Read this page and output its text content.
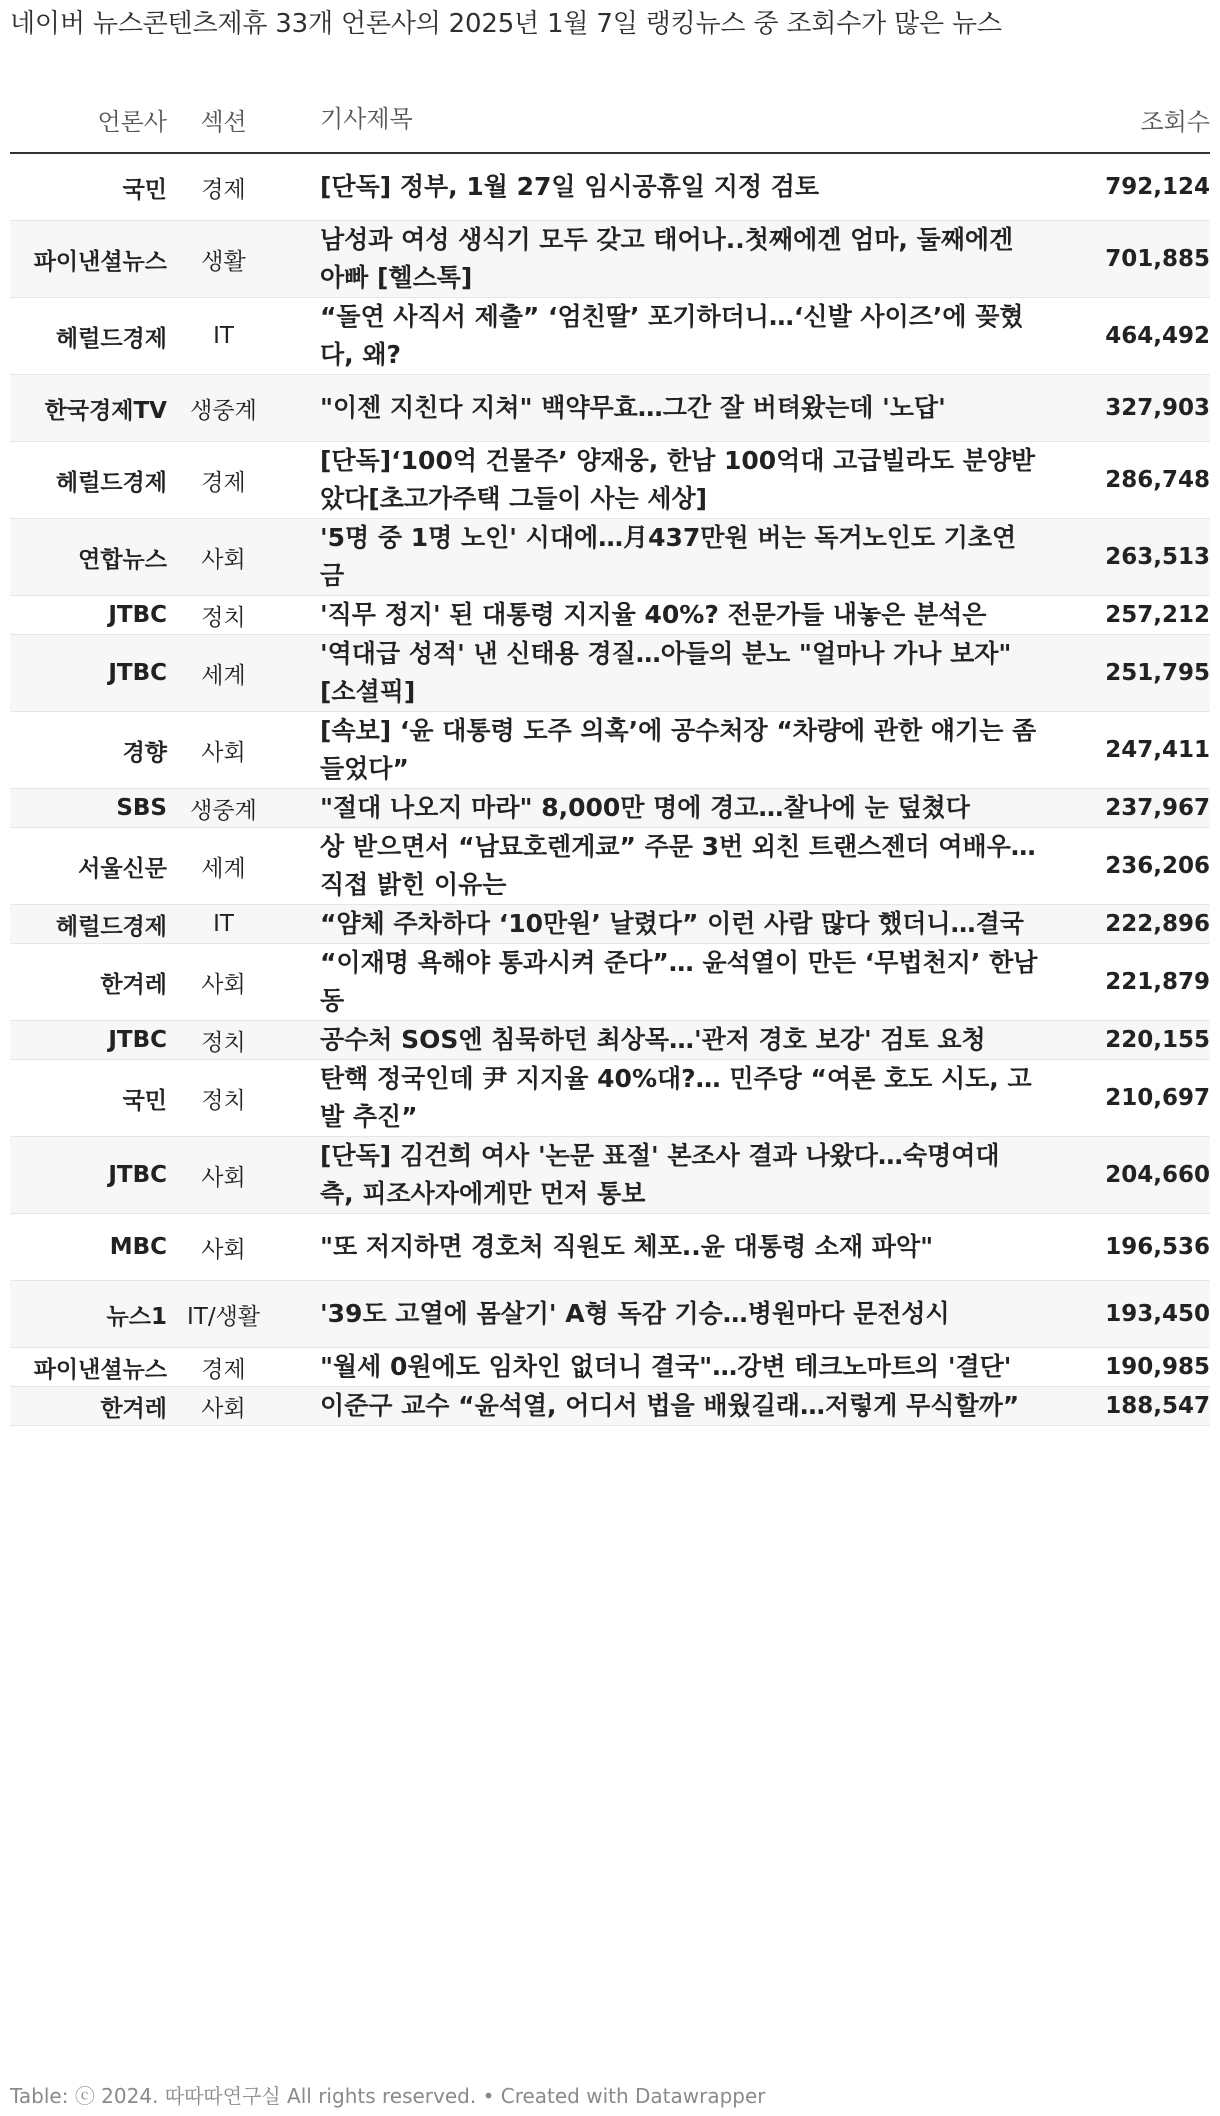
네이버 뉴스콘텐츠제휴 33개 언론사의 2025년 1월 7일 랭킹뉴스 중 조회수가 많은 뉴스
언론사	섹션		기사제목	조회수
국민	경제		[단독] 정부, 1월 27일 임시공휴일 지정 검토	792,124
파이낸셜뉴스	생활		남성과 여성 생식기 모두 갖고 태어나..첫째에겐 엄마, 둘째에겐 아빠 [헬스톡]	701,885
헤럴드경제	IT		“돌연 사직서 제출” ‘엄친딸’ 포기하더니…‘신발 사이즈’에 꽂혔다, 왜?	464,492
한국경제TV	생중계		"이젠 지친다 지쳐" 백약무효…그간 잘 버텨왔는데 '노답'	327,903
헤럴드경제	경제		[단독]‘100억 건물주’ 양재웅, 한남 100억대 고급빌라도 분양받았다[초고가주택 그들이 사는 세상]	286,748
연합뉴스	사회		'5명 중 1명 노인' 시대에…月437만원 버는 독거노인도 기초연금	263,513
JTBC	정치		'직무 정지' 된 대통령 지지율 40%? 전문가들 내놓은 분석은	257,212
JTBC	세계		'역대급 성적' 낸 신태용 경질…아들의 분노 "얼마나 가나 보자" [소셜픽]	251,795
경향	사회		[속보] ‘윤 대통령 도주 의혹’에 공수처장 “차량에 관한 얘기는 좀 들었다”	247,411
SBS	생중계		"절대 나오지 마라" 8,000만 명에 경고…찰나에 눈 덮쳤다	237,967
서울신문	세계		상 받으면서 “남묘호렌게쿄” 주문 3번 외친 트랜스젠더 여배우… 직접 밝힌 이유는	236,206
헤럴드경제	IT		“얌체 주차하다 ‘10만원’ 날렸다” 이런 사람 많다 했더니…결국	222,896
한겨레	사회		“이재명 욕해야 통과시켜 준다”… 윤석열이 만든 ‘무법천지’ 한남동	221,879
JTBC	정치		공수처 SOS엔 침묵하던 최상목…'관저 경호 보강' 검토 요청	220,155
국민	정치		탄핵 정국인데 尹 지지율 40%대?… 민주당 “여론 호도 시도, 고발 추진”	210,697
JTBC	사회		[단독] 김건희 여사 '논문 표절' 본조사 결과 나왔다…숙명여대 측, 피조사자에게만 먼저 통보	204,660
MBC	사회		"또 저지하면 경호처 직원도 체포..윤 대통령 소재 파악"	196,536
뉴스1	IT/생활		'39도 고열에 몸살기' A형 독감 기승…병원마다 문전성시	193,450
파이낸셜뉴스	경제		"월세 0원에도 임차인 없더니 결국"…강변 테크노마트의 '결단'	190,985
한겨레	사회		이준구 교수 “윤석열, 어디서 법을 배웠길래…저렇게 무식할까”	188,547
Table: ⓒ 2024. 따따따연구실 All rights reserved. • Created with Datawrapper
